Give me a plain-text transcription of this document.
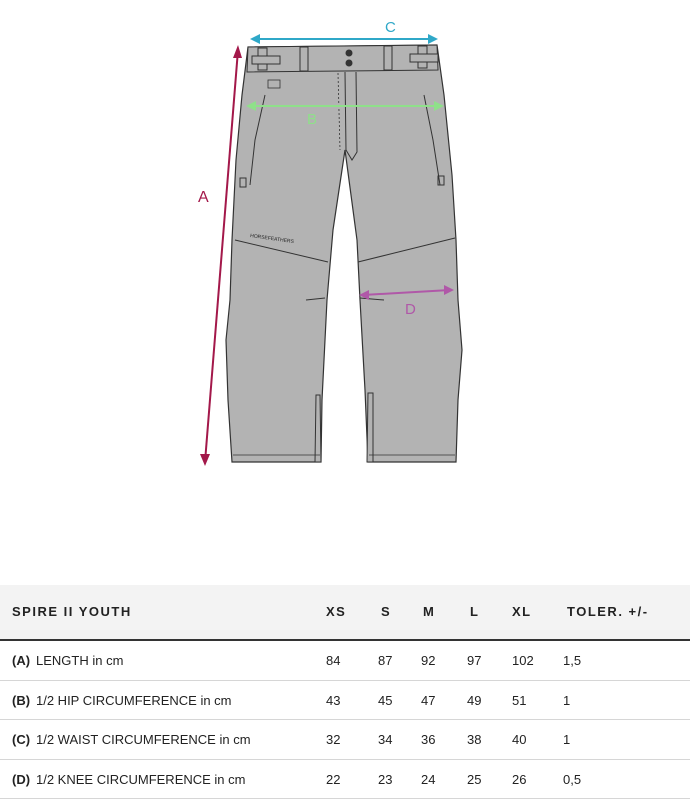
HORSEFEATHERS
A
B
C
D
SPIRE II YOUTH	XS	S M	L	XL	TOLER. +/-
(A) LENGTH in cm	84	87 92 97 102 1,5
(B) 1/2 HIP CIRCUMFERENCE in cm	43	45 47 49 51	1
(C) 1/2 WAIST CIRCUMFERENCE in cm	32	34 36 38 40	1
(D) 1/2 KNEE CIRCUMFERENCE in cm	22	23 24 25 26	0,5
